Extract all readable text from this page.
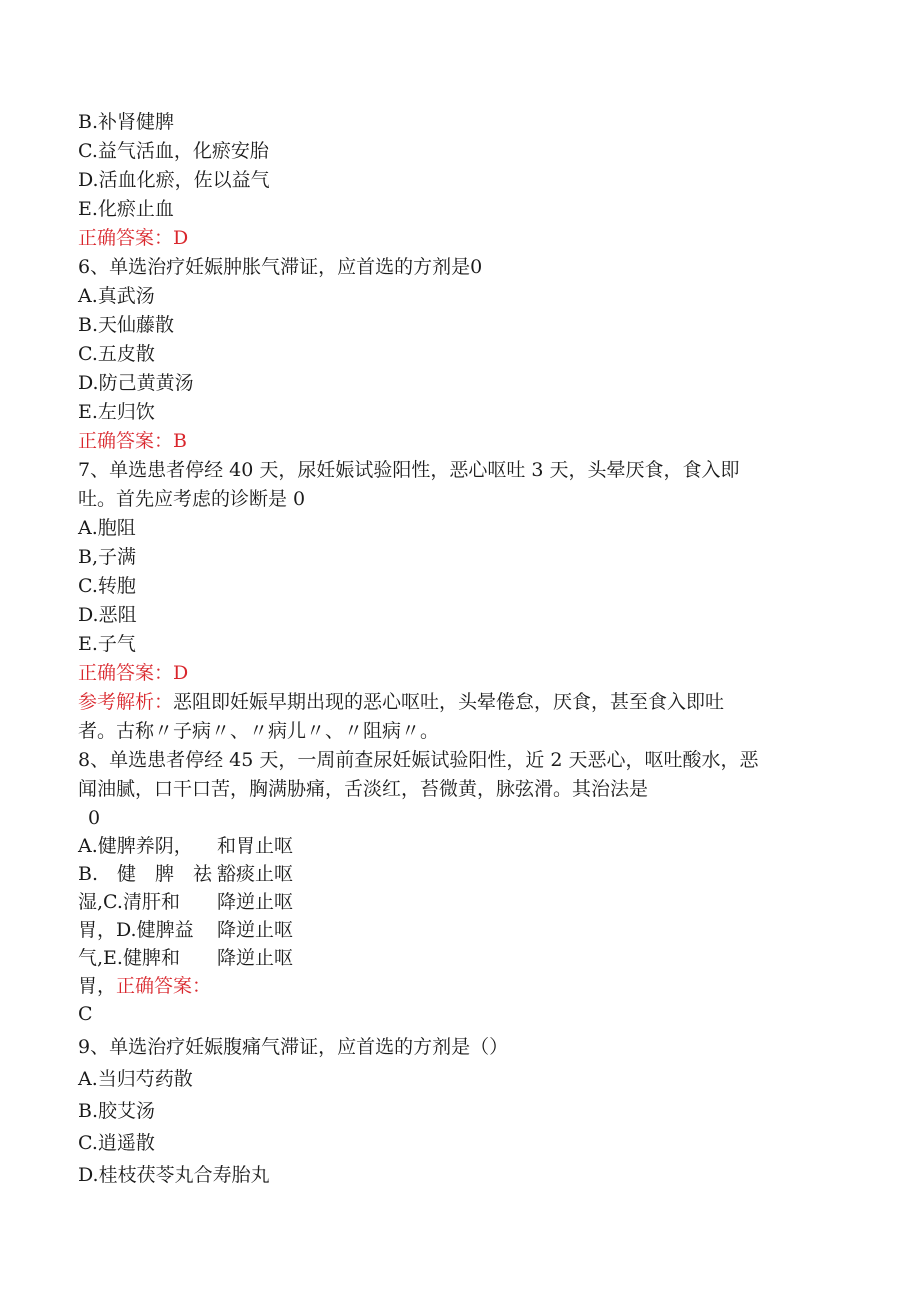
B.补肾健脾
C.益气活血，化瘀安胎
D.活血化瘀，佐以益气
E.化瘀止血
正确答案：D
6、单选治疗妊娠肿胀气滞证，应首选的方剂是0
A.真武汤
B.天仙藤散
C.五皮散
D.防己黄黄汤
E.左归饮
正确答案：B
7、单选患者停经 40 天，尿妊娠试验阳性，恶心呕吐 3 天，头晕厌食，食入即
吐。首先应考虑的诊断是 0
A.胞阻
B,子满
C.转胞
D.恶阻
E.子气
正确答案：D
参考解析：恶阻即妊娠早期出现的恶心呕吐，头晕倦怠，厌食，甚至食入即吐
者。古称〃子病〃、〃病儿〃、〃阻病〃。
8、单选患者停经 45 天，一周前查尿妊娠试验阳性，近 2 天恶心，呕吐酸水，恶
闻油腻，口干口苦，胸满胁痛，舌淡红，苔微黄，脉弦滑。其治法是
0
A.健脾养阴， 和胃止呕
B.　健　脾　祛 豁痰止呕
湿,C.清肝和 降逆止呕
胃，D.健脾益 降逆止呕
气,E.健脾和 降逆止呕
胃，正确答案：
C
9、单选治疗妊娠腹痛气滞证，应首选的方剂是（）
A.当归芍药散
B.胶艾汤
C.逍遥散
D.桂枝茯苓丸合寿胎丸
